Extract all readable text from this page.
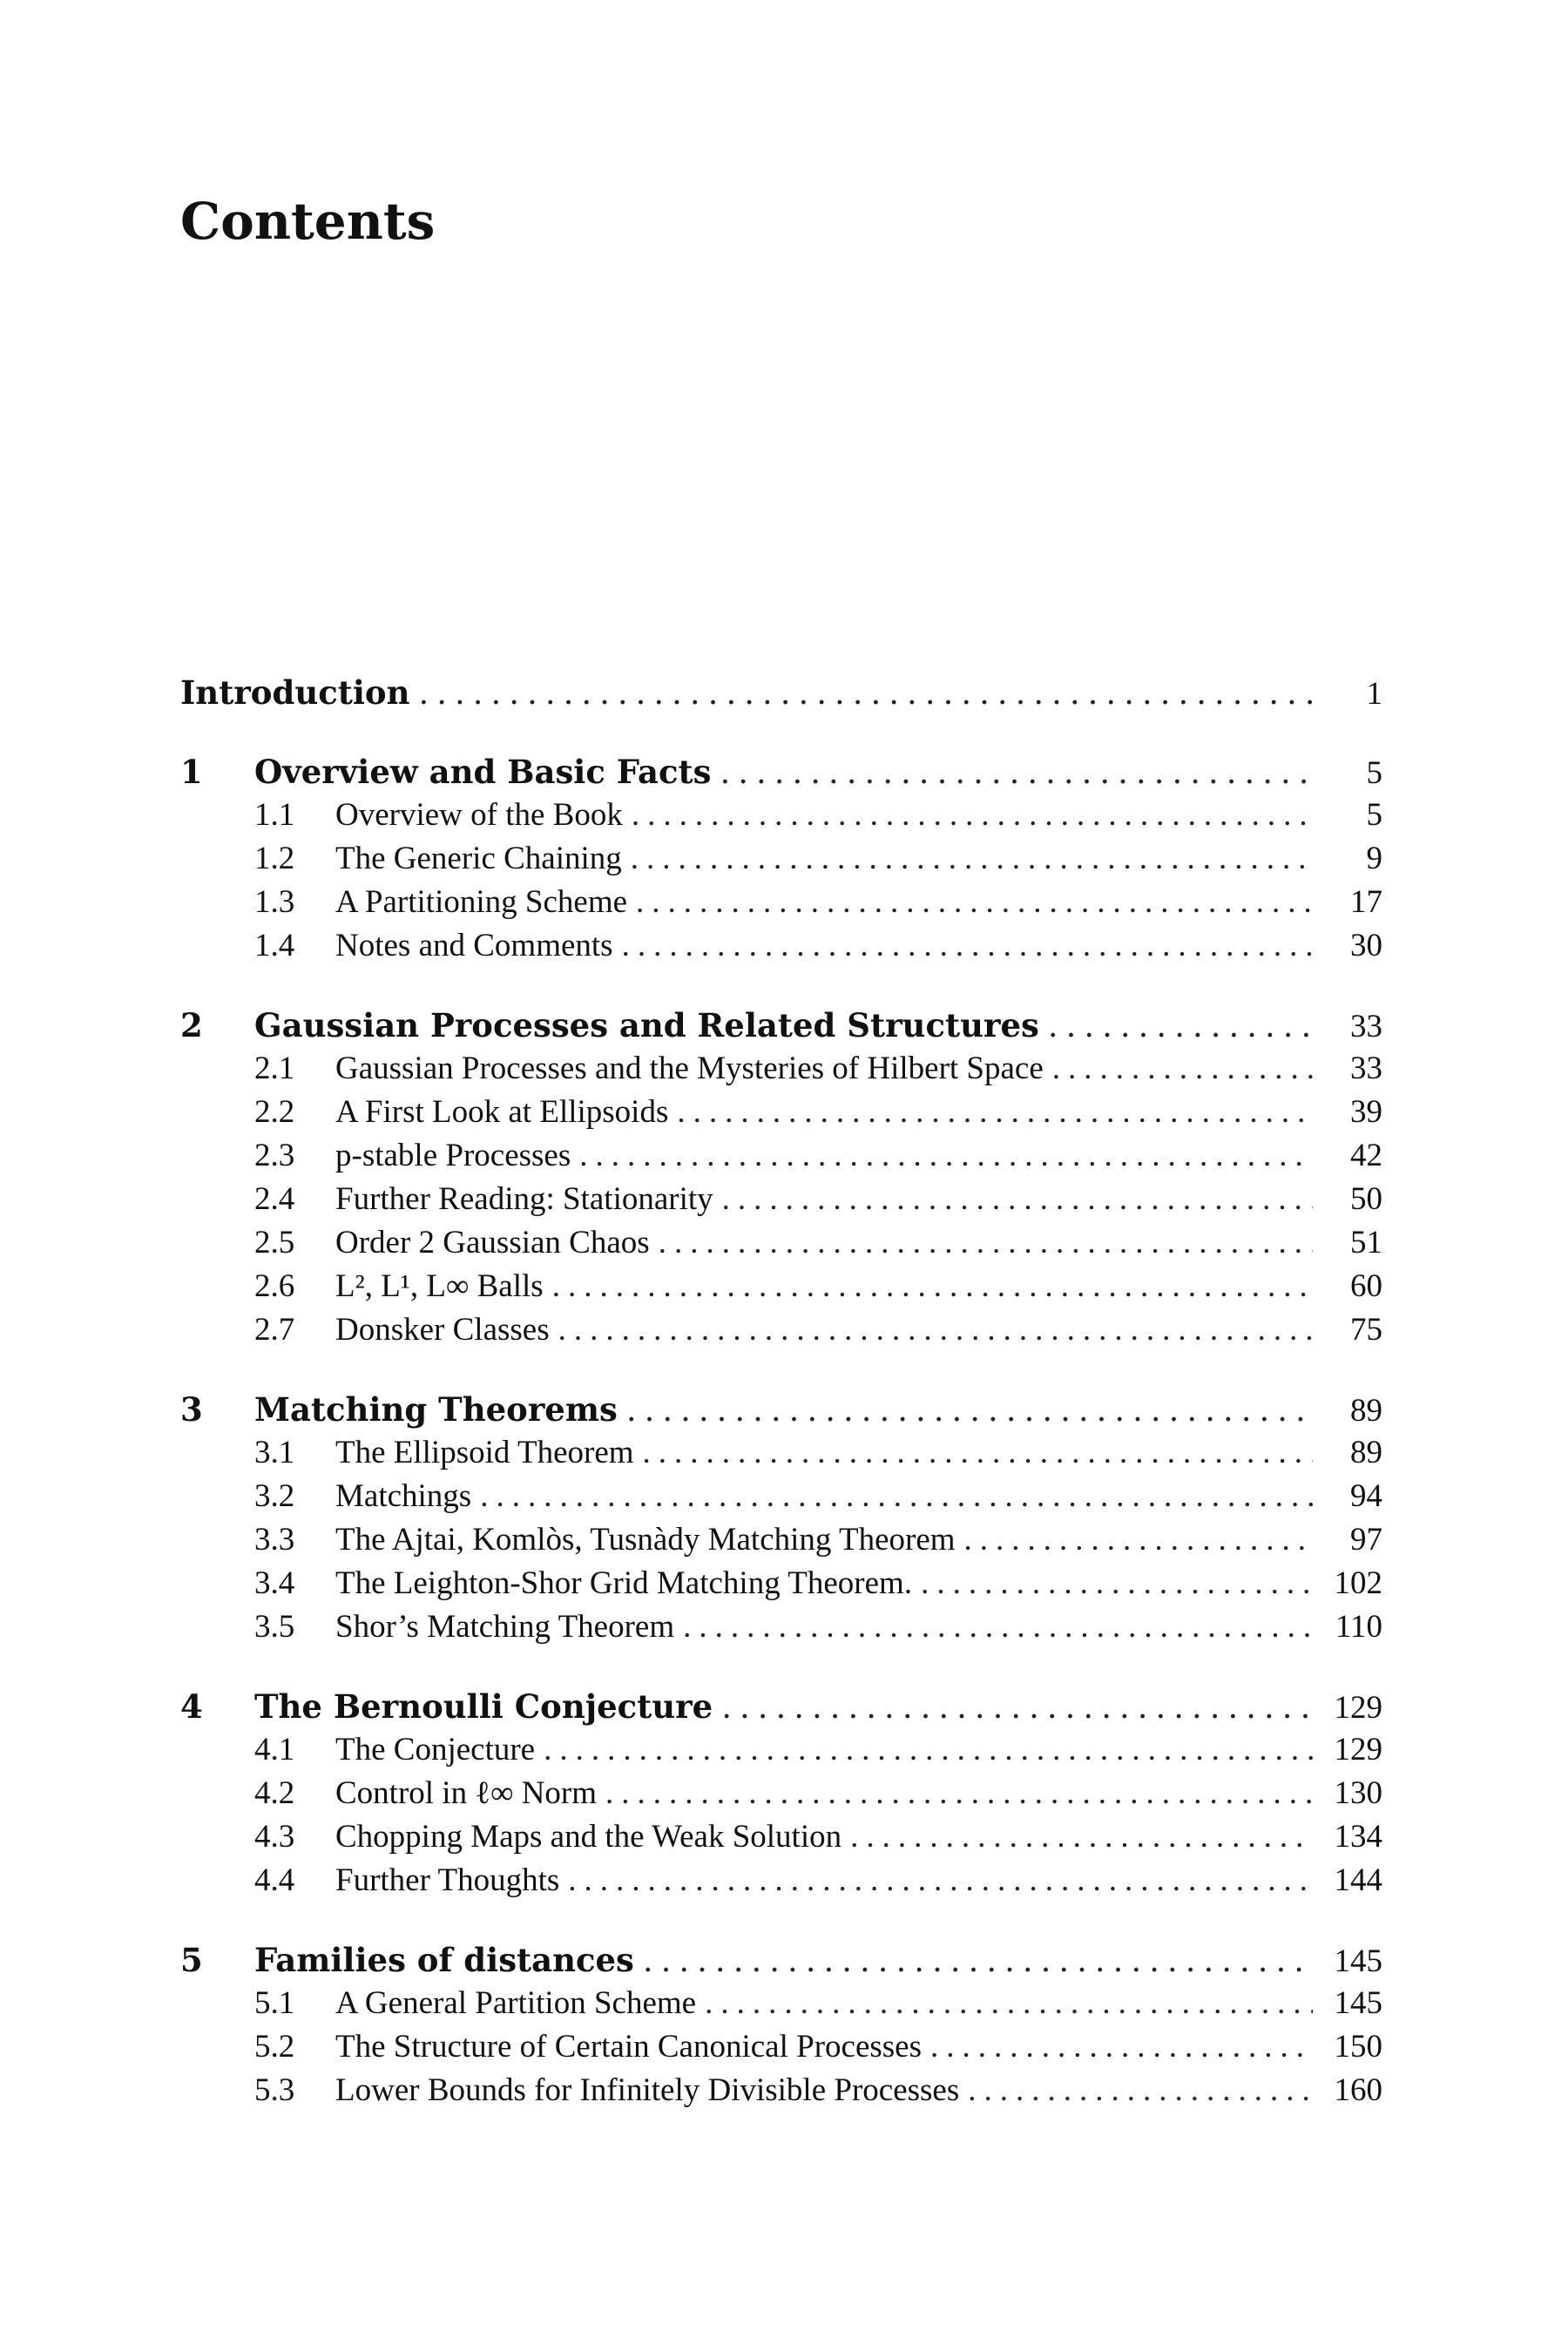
Contents
Introduction .....	1
1	Overview and Basic Facts .....	5
1.1	Overview of the Book .....	5
1.2	The Generic Chaining .....	9
1.3	A Partitioning Scheme .....	17
1.4	Notes and Comments .....	30
2	Gaussian Processes and Related Structures .....	33
2.1	Gaussian Processes and the Mysteries of Hilbert Space .....	33
2.2	A First Look at Ellipsoids .....	39
2.3	p-stable Processes .....	42
2.4	Further Reading: Stationarity .....	50
2.5	Order 2 Gaussian Chaos .....	51
2.6	L², L¹, L∞ Balls .....	60
2.7	Donsker Classes .....	75
3	Matching Theorems .....	89
3.1	The Ellipsoid Theorem .....	89
3.2	Matchings .....	94
3.3	The Ajtai, Komlòs, Tusnàdy Matching Theorem .....	97
3.4	The Leighton-Shor Grid Matching Theorem. .....	102
3.5	Shor’s Matching Theorem .....	110
4	The Bernoulli Conjecture .....	129
4.1	The Conjecture .....	129
4.2	Control in ℓ∞ Norm .....	130
4.3	Chopping Maps and the Weak Solution .....	134
4.4	Further Thoughts .....	144
5	Families of distances .....	145
5.1	A General Partition Scheme .....	145
5.2	The Structure of Certain Canonical Processes .....	150
5.3	Lower Bounds for Infinitely Divisible Processes .....	160
